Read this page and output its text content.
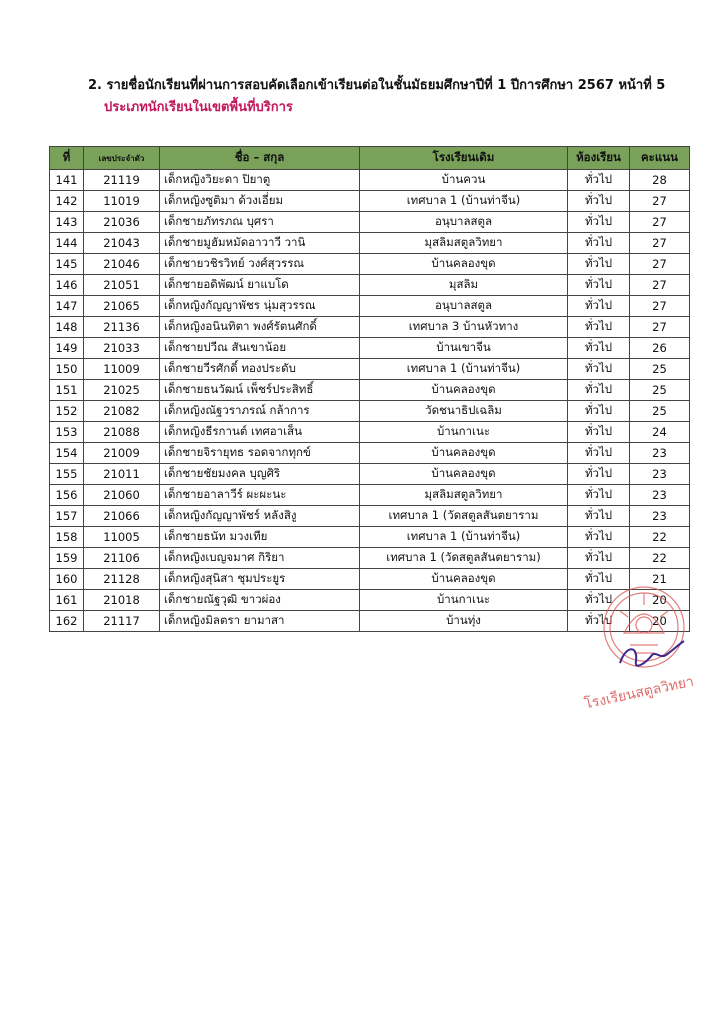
2. รายชื่อนักเรียนที่ผ่านการสอบคัดเลือกเข้าเรียนต่อในชั้นมัธยมศึกษาปีที่ 1 ปีการศึกษา 2567 หน้าที่ 5
ประเภทนักเรียนในเขตพื้นที่บริการ
ที่	เลขประจำตัว	ชื่อ – สกุล	โรงเรียนเดิม	ห้องเรียน	คะแนน
141	21119	เด็กหญิงวิยะดา ปิยาตู	บ้านควน	ทั่วไป	28
142	11019	เด็กหญิงซูติมา ด้วงเอี่ยม	เทศบาล 1 (บ้านท่าจีน)	ทั่วไป	27
143	21036	เด็กชายภัทรภณ บุศรา	อนุบาลสตูล	ทั่วไป	27
144	21043	เด็กชายมูฮัมหมัดอาวาวี วานิ	มุสลิมสตูลวิทยา	ทั่วไป	27
145	21046	เด็กชายวชิรวิทย์ วงศ์สุวรรณ	บ้านคลองขุด	ทั่วไป	27
146	21051	เด็กชายอดิพัฒน์ ยาแบโด	มุสลิม	ทั่วไป	27
147	21065	เด็กหญิงกัญญาพัชร นุ่มสุวรรณ	อนุบาลสตูล	ทั่วไป	27
148	21136	เด็กหญิงอนินทิตา พงศ์รัตนศักดิ์	เทศบาล 3 บ้านหัวทาง	ทั่วไป	27
149	21033	เด็กชายปวีณ สันเขาน้อย	บ้านเขาจีน	ทั่วไป	26
150	11009	เด็กชายวีรศักดิ์ ทองประดับ	เทศบาล 1 (บ้านท่าจีน)	ทั่วไป	25
151	21025	เด็กชายธนวัฒน์ เพ็ชร์ประสิทธิ์	บ้านคลองขุด	ทั่วไป	25
152	21082	เด็กหญิงณัฐวราภรณ์ กล้าการ	วัดชนาธิปเฉลิม	ทั่วไป	25
153	21088	เด็กหญิงธีรกานต์ เทศอาเส็น	บ้านกาเนะ	ทั่วไป	24
154	21009	เด็กชายจิรายุทธ รอดจากทุกข์	บ้านคลองขุด	ทั่วไป	23
155	21011	เด็กชายชัยมงคล บุญศิริ	บ้านคลองขุด	ทั่วไป	23
156	21060	เด็กชายอาลาวีร์ ผะผะนะ	มุสลิมสตูลวิทยา	ทั่วไป	23
157	21066	เด็กหญิงกัญญาพัชร์ หลังสิงู	เทศบาล 1 (วัดสตูลสันตยาราม	ทั่วไป	23
158	11005	เด็กชายธนัท มวงเทีย	เทศบาล 1 (บ้านท่าจีน)	ทั่วไป	22
159	21106	เด็กหญิงเบญจมาศ กิริยา	เทศบาล 1 (วัดสตูลสันตยาราม)	ทั่วไป	22
160	21128	เด็กหญิงสุนิสา ชุมประยูร	บ้านคลองขุด	ทั่วไป	21
161	21018	เด็กชายณัฐวุฒิ ขาวผ่อง	บ้านกาเนะ	ทั่วไป	20
162	21117	เด็กหญิงมิลตรา ยามาสา	บ้านทุ่ง	ทั่วไป	20
โรงเรียนสตูลวิทยา
